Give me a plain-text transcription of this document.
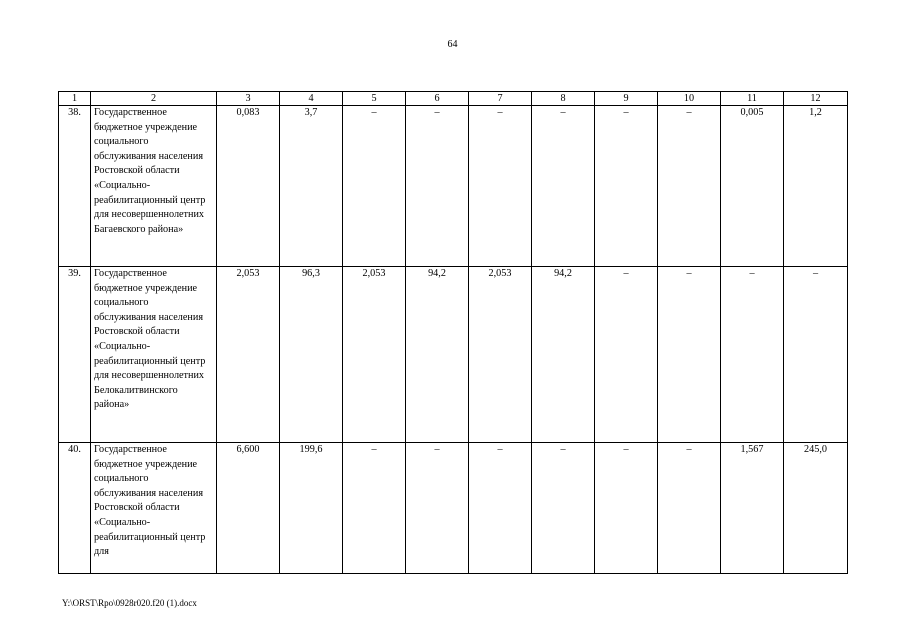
64
1	2	3	4	5	6	7	8	9	10	11	12
38.	Государственное бюджетное учреждение социального обслуживания населения Ростовской области «Социально-реабилитационный центр для несовершеннолетних Багаевского района»	0,083	3,7	–	–	–	–	–	–	0,005	1,2
39.	Государственное бюджетное учреждение социального обслуживания населения Ростовской области «Социально-реабилитационный центр для несовершеннолетних Белокалитвинского района»	2,053	96,3	2,053	94,2	2,053	94,2	–	–	–	–
40.	Государственное бюджетное учреждение социального обслуживания населения Ростовской области «Социально-реабилитационный центр для	6,600	199,6	–	–	–	–	–	–	1,567	245,0
Y:\ORST\Rpo\0928r020.f20 (1).docx
